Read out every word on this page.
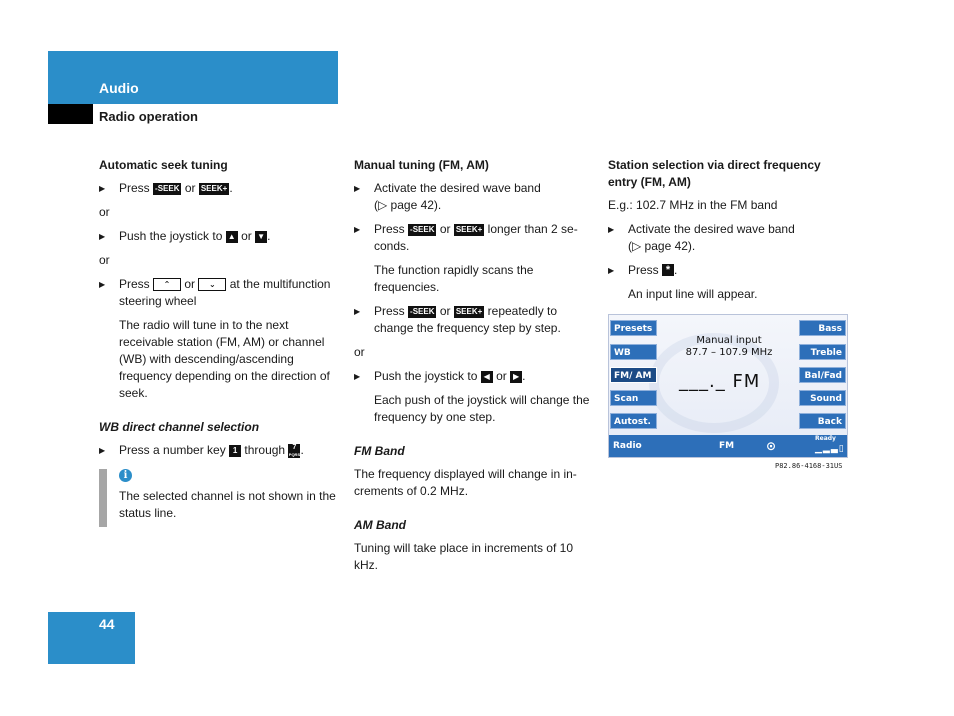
Audio
Radio operation
Automatic seek tuning
▶ Press -SEEK or SEEK+ .
or
▶ Push the joystick to ▲ or ▼ .
or
▶ Press ⌃ or ⌄ at the multifunction steering wheel
The radio will tune in to the next receivable station (FM, AM) or channel (WB) with descending/ascending frequency depending on the direction of seek.
WB direct channel selection
▶ Press a number key 1 through 7
PQRS.
i
The selected channel is not shown in the status line.
Manual tuning (FM, AM)
▶ Activate the desired wave band
(▷ page 42).
▶ Press -SEEK or SEEK+ longer than 2 se-conds.
The function rapidly scans the frequencies.
▶ Press -SEEK or SEEK+ repeatedly to change the frequency step by step.
or
▶ Push the joystick to ◀ or ▶ .
Each push of the joystick will change the frequency by one step.
FM Band
The frequency displayed will change in in-crements of 0.2 MHz.
AM Band
Tuning will take place in increments of 10 kHz.
Station selection via direct frequency entry (FM, AM)
E.g.: 102.7 MHz in the FM band
▶ Activate the desired wave band
(▷ page 42).
▶ Press * .
An input line will appear.
Presets
WB
FM/ AM
Scan
Autost.
Bass
Treble
Bal/Fad
Sound
Back
Manual input
87.7 – 107.9 MHz
___._ FM
Radio	FM	⊙
Ready
▁▂▃▯
P82.86-4168-31US
44
